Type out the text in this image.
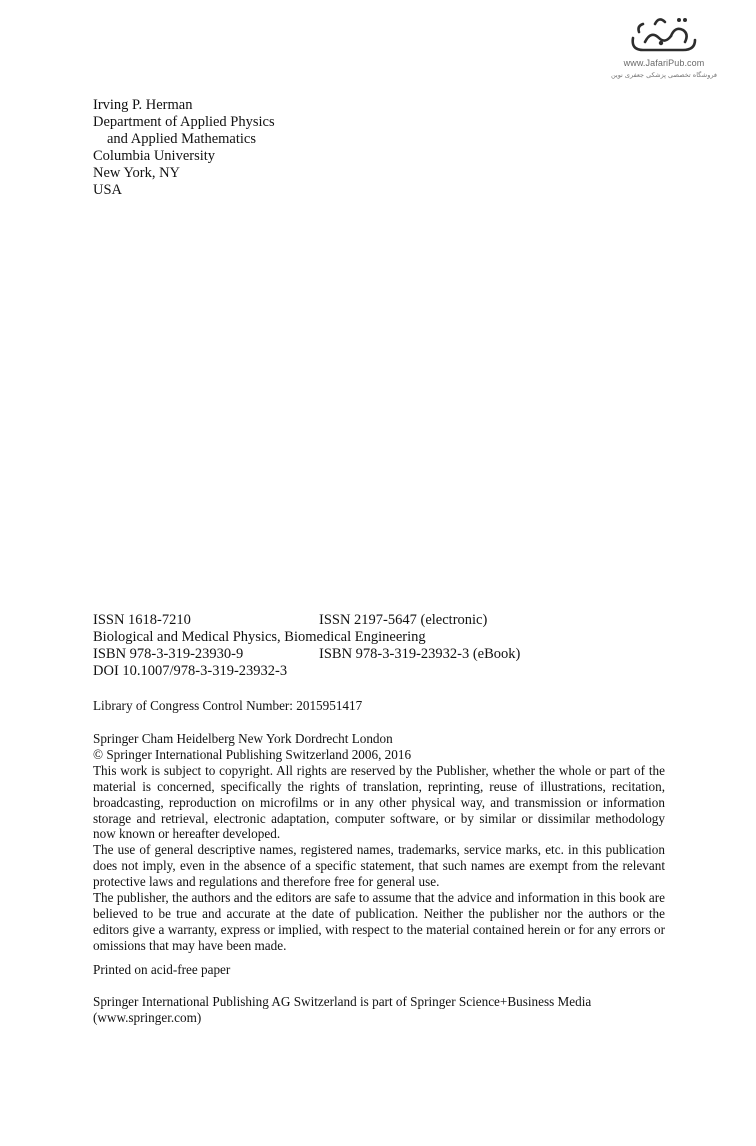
www.JafariPub.com
فروشگاه تخصصی پزشکی جعفری نوین
Irving P. Herman
Department of Applied Physics
and Applied Mathematics
Columbia University
New York, NY
USA
ISSN 1618-7210	ISSN 2197-5647 (electronic)
Biological and Medical Physics, Biomedical Engineering
ISBN 978-3-319-23930-9	ISBN 978-3-319-23932-3 (eBook)
DOI 10.1007/978-3-319-23932-3
Library of Congress Control Number: 2015951417

Springer Cham Heidelberg New York Dordrecht London

© Springer International Publishing Switzerland 2006, 2016

This work is subject to copyright. All rights are reserved by the Publisher, whether the whole or part of the material is concerned, specifically the rights of translation, reprinting, reuse of illustrations, recitation, broadcasting, reproduction on microfilms or in any other physical way, and transmission or information storage and retrieval, electronic adaptation, computer software, or by similar or dissimilar methodology now known or hereafter developed.

The use of general descriptive names, registered names, trademarks, service marks, etc. in this publication does not imply, even in the absence of a specific statement, that such names are exempt from the relevant protective laws and regulations and therefore free for general use.

The publisher, the authors and the editors are safe to assume that the advice and information in this book are believed to be true and accurate at the date of publication. Neither the publisher nor the authors or the editors give a warranty, express or implied, with respect to the material contained herein or for any errors or omissions that may have been made.

Printed on acid-free paper

Springer International Publishing AG Switzerland is part of Springer Science+Business Media

(www.springer.com)
